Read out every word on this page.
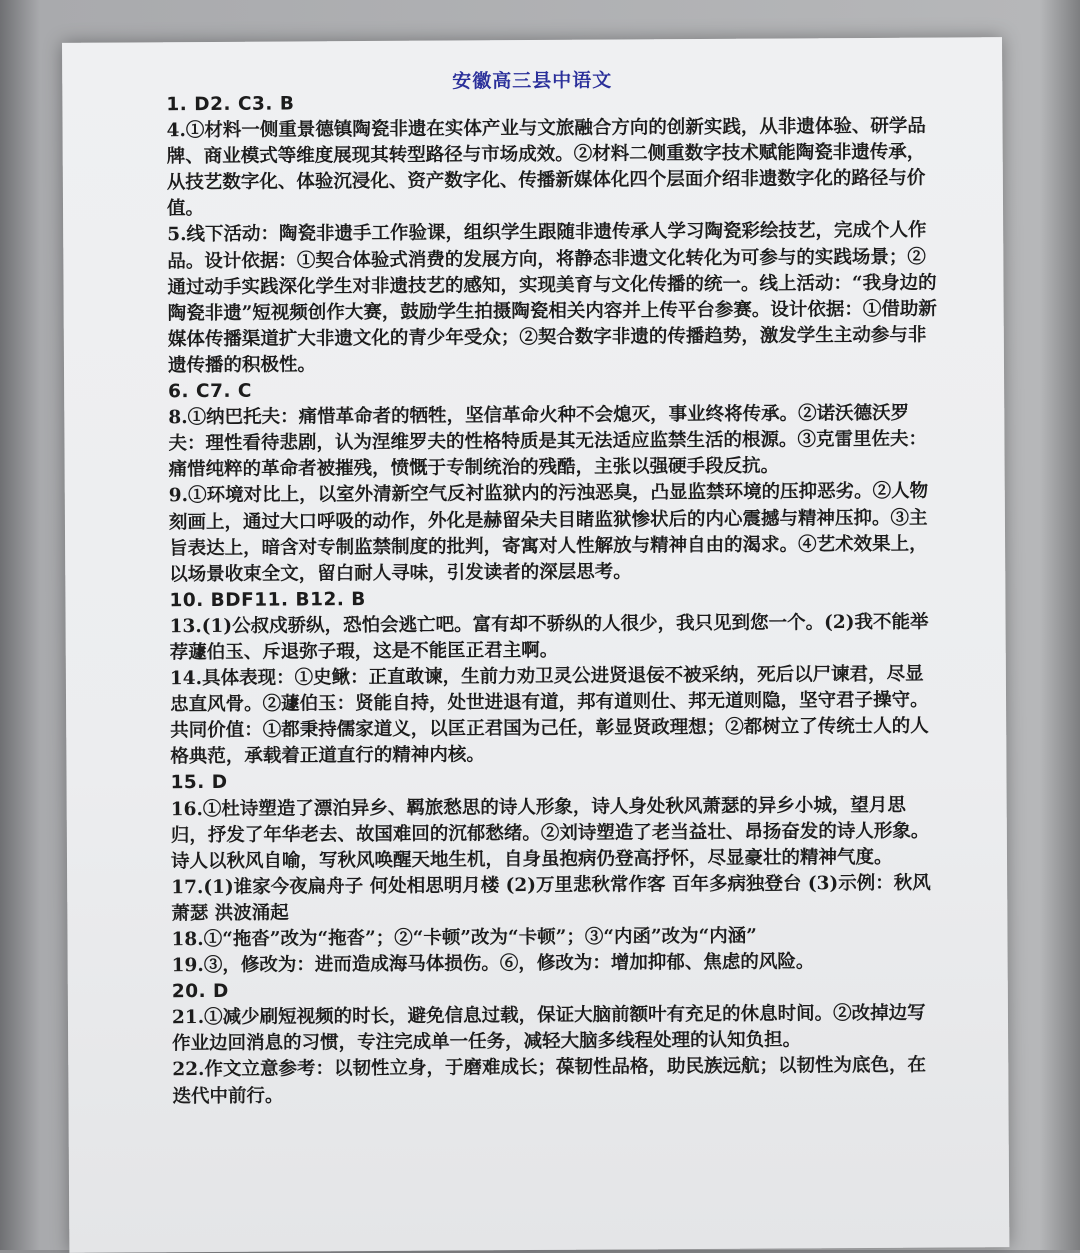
安徽高三县中语文

1. D2. C3. B

4.①材料一侧重景德镇陶瓷非遗在实体产业与文旅融合方向的创新实践，从非遗体验、研学品牌、商业模式等维度展现其转型路径与市场成效。②材料二侧重数字技术赋能陶瓷非遗传承，从技艺数字化、体验沉浸化、资产数字化、传播新媒体化四个层面介绍非遗数字化的路径与价值。

5.线下活动：陶瓷非遗手工作验课，组织学生跟随非遗传承人学习陶瓷彩绘技艺，完成个人作品。设计依据：①契合体验式消费的发展方向，将静态非遗文化转化为可参与的实践场景；②通过动手实践深化学生对非遗技艺的感知，实现美育与文化传播的统一。线上活动：“我身边的陶瓷非遗”短视频创作大赛，鼓励学生拍摄陶瓷相关内容并上传平台参赛。设计依据：①借助新媒体传播渠道扩大非遗文化的青少年受众；②契合数字非遗的传播趋势，激发学生主动参与非遗传播的积极性。

6. C7. C

8.①纳巴托夫：痛惜革命者的牺牲，坚信革命火种不会熄灭，事业终将传承。②诺沃德沃罗夫：理性看待悲剧，认为涅维罗夫的性格特质是其无法适应监禁生活的根源。③克雷里佐夫：痛惜纯粹的革命者被摧残，愤慨于专制统治的残酷，主张以强硬手段反抗。

9.①环境对比上，以室外清新空气反衬监狱内的污浊恶臭，凸显监禁环境的压抑恶劣。②人物刻画上，通过大口呼吸的动作，外化是赫留朵夫目睹监狱惨状后的内心震撼与精神压抑。③主旨表达上，暗含对专制监禁制度的批判，寄寓对人性解放与精神自由的渴求。④艺术效果上，以场景收束全文，留白耐人寻味，引发读者的深层思考。

10. BDF11. B12. B

13.(1)公叔戍骄纵，恐怕会逃亡吧。富有却不骄纵的人很少，我只见到您一个。(2)我不能举荐蘧伯玉、斥退弥子瑕，这是不能匡正君主啊。

14.具体表现：①史鳅：正直敢谏，生前力劝卫灵公进贤退佞不被采纳，死后以尸谏君，尽显忠直风骨。②蘧伯玉：贤能自持，处世进退有道，邦有道则仕、邦无道则隐，坚守君子操守。共同价值：①都秉持儒家道义，以匡正君国为己任，彰显贤政理想；②都树立了传统士人的人格典范，承载着正道直行的精神内核。

15. D

16.①杜诗塑造了漂泊异乡、羁旅愁思的诗人形象，诗人身处秋风萧瑟的异乡小城，望月思归，抒发了年华老去、故国难回的沉郁愁绪。②刘诗塑造了老当益壮、昂扬奋发的诗人形象。诗人以秋风自喻，写秋风唤醒天地生机，自身虽抱病仍登高抒怀，尽显豪壮的精神气度。

17.(1)谁家今夜扁舟子 何处相思明月楼 (2)万里悲秋常作客 百年多病独登台 (3)示例：秋风萧瑟 洪波涌起

18.①“拖沓”改为“拖沓”；②“卡顿”改为“卡顿”；③“内函”改为“内涵”

19.③，修改为：进而造成海马体损伤。⑥，修改为：增加抑郁、焦虑的风险。

20. D

21.①减少刷短视频的时长，避免信息过载，保证大脑前额叶有充足的休息时间。②改掉边写作业边回消息的习惯，专注完成单一任务，减轻大脑多线程处理的认知负担。

22.作文立意参考：以韧性立身，于磨难成长；葆韧性品格，助民族远航；以韧性为底色，在迭代中前行。
